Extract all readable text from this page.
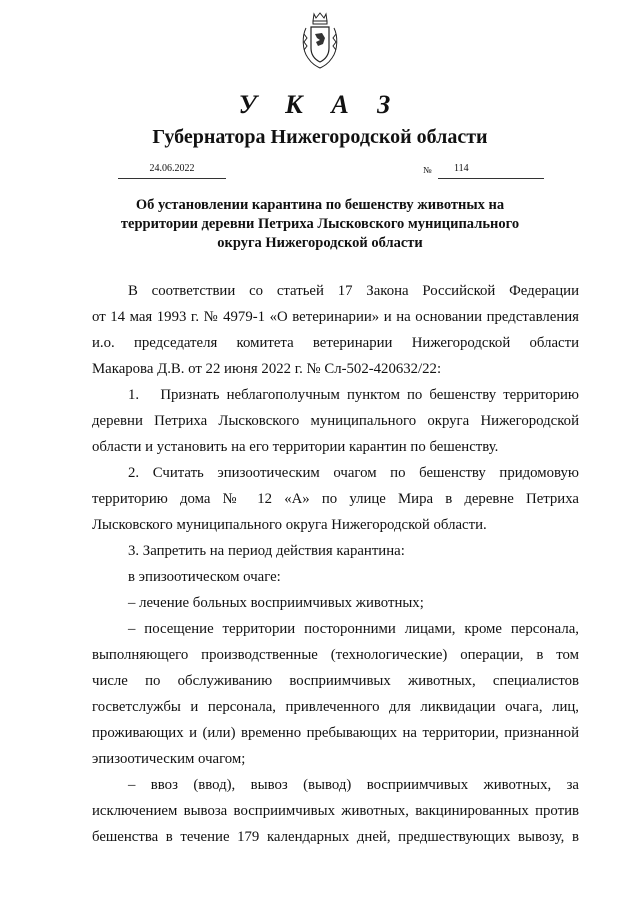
У К А З
Губернатора Нижегородской области
24.06.2022	№	114
Об установлении карантина по бешенству животных на
территории деревни Петриха Лысковского муниципального
округа Нижегородской области
В соответствии со статьей 17 Закона Российской Федерации
от 14 мая 1993 г. № 4979-1 «О ветеринарии» и на основании представления
и.о. председателя комитета ветеринарии Нижегородской области
Макарова Д.В. от 22 июня 2022 г. № Сл-502-420632/22:
1.   Признать неблагополучным пунктом по бешенству территорию
деревни Петриха Лысковского муниципального округа Нижегородской
области и установить на его территории карантин по бешенству.
2. Считать эпизоотическим очагом по бешенству придомовую
территорию дома № 12 «А» по улице Мира в деревне Петриха
Лысковского муниципального округа Нижегородской области.
3. Запретить на период действия карантина:
в эпизоотическом очаге:
– лечение больных восприимчивых животных;
– посещение территории посторонними лицами, кроме персонала,
выполняющего производственные (технологические) операции, в том
числе по обслуживанию восприимчивых животных, специалистов
госветслужбы и персонала, привлеченного для ликвидации очага, лиц,
проживающих и (или) временно пребывающих на территории, признанной
эпизоотическим очагом;
– ввоз (ввод), вывоз (вывод) восприимчивых животных, за
исключением вывоза восприимчивых животных, вакцинированных против
бешенства в течение 179 календарных дней, предшествующих вывозу, в
